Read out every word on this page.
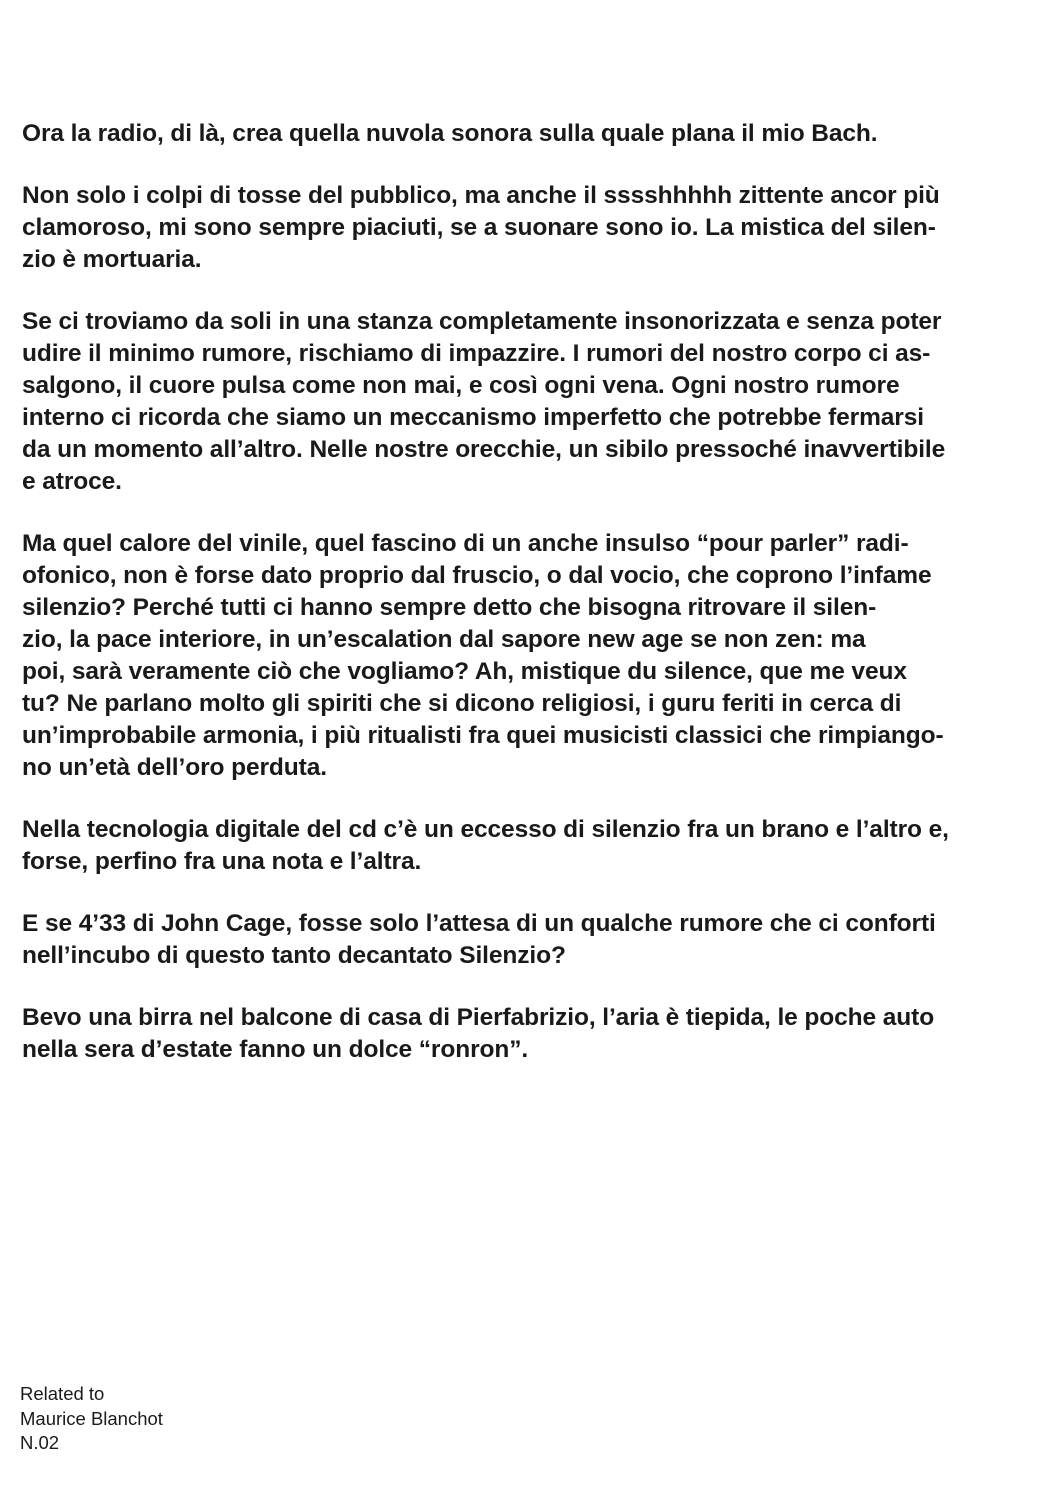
Ora la radio, di là, crea quella nuvola sonora sulla quale plana il mio Bach.
Non solo i colpi di tosse del pubblico, ma anche il sssshhhhh zittente ancor più
clamoroso, mi sono sempre piaciuti, se a suonare sono io. La mistica del silen-
zio è mortuaria.
Se ci troviamo da soli in una stanza completamente insonorizzata e senza poter
udire il minimo rumore, rischiamo di impazzire. I rumori del nostro corpo ci as-
salgono, il cuore pulsa come non mai, e così ogni vena. Ogni nostro rumore
interno ci ricorda che siamo un meccanismo imperfetto che potrebbe fermarsi
da un momento all’altro. Nelle nostre orecchie, un sibilo pressoché inavvertibile
e atroce.
Ma quel calore del vinile, quel fascino di un anche insulso “pour parler” radi-
ofonico, non è forse dato proprio dal fruscio, o dal vocio, che coprono l’infame
silenzio? Perché tutti ci hanno sempre detto che bisogna ritrovare il silen-
zio, la pace interiore, in un’escalation dal sapore new age se non zen: ma
poi, sarà veramente ciò che vogliamo? Ah, mistique du silence, que me veux
tu? Ne parlano molto gli spiriti che si dicono religiosi, i guru feriti in cerca di
un’improbabile armonia, i più ritualisti fra quei musicisti classici che rimpiango-
no un’età dell’oro perduta.
Nella tecnologia digitale del cd c’è un eccesso di silenzio fra un brano e l’altro e,
forse, perfino fra una nota e l’altra.
E se 4’33 di John Cage, fosse solo l’attesa di un qualche rumore che ci conforti
nell’incubo di questo tanto decantato Silenzio?
Bevo una birra nel balcone di casa di Pierfabrizio, l’aria è tiepida, le poche auto
nella sera d’estate fanno un dolce “ronron”.
Related to
Maurice Blanchot
N.02
